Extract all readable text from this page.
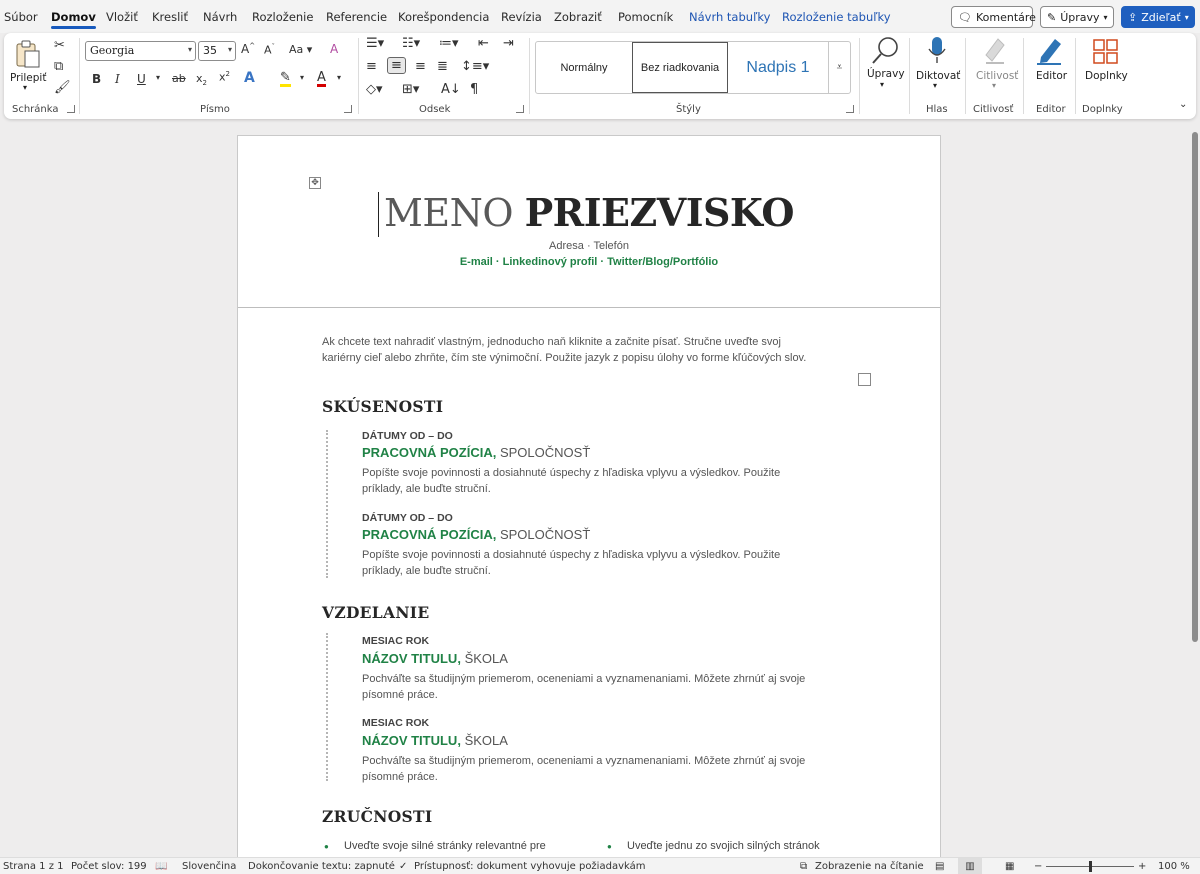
Súbor Domov Vložiť Kresliť Návrh Rozloženie Referencie Korešpondencia Revízia Zobraziť Pomocník Návrh tabuľky Rozloženie tabuľky	🗨 Komentáre ✎ Úpravy ▾ ⇪ Zdieľať ▾
Prilepiť
▾
✂
⧉
🖌
Schránka
Georgia	▾	35 ▾ A^ $A^ˇ$ Aa ▾ A
B I U ▾ ab $x_2$ $x^2$ A ✎ ▾ A ▾
Písmo
☰▾ ☷▾ ≔▾ ⇤ ⇥
≡	≡	≡ ≣ ↕≡▾
◇▾ ⊞▾ A↓ ¶
Odsek
Normálny	Bez riadkovania	Nadpis 1	⩡
Štýly
Úpravy
▾
Diktovať
▾
Hlas
Citlivosť
▾
Citlivosť
Editor
Editor
Doplnky
Doplnky	⌄
✥
MENO PRIEZVISKO
Adresa · Telefón
E-mail · Linkedinový profil · Twitter/Blog/Portfólio
Ak chcete text nahradiť vlastným, jednoducho naň kliknite a začnite písať. Stručne uveďte svoj
kariérny cieľ alebo zhrňte, čím ste výnimoční. Použite jazyk z popisu úlohy vo forme kľúčových slov.
SKÚSENOSTI
DÁTUMY OD – DO
PRACOVNÁ POZÍCIA, SPOLOČNOSŤ
Popíšte svoje povinnosti a dosiahnuté úspechy z hľadiska vplyvu a výsledkov. Použite
príklady, ale buďte struční.
DÁTUMY OD – DO
PRACOVNÁ POZÍCIA, SPOLOČNOSŤ
Popíšte svoje povinnosti a dosiahnuté úspechy z hľadiska vplyvu a výsledkov. Použite
príklady, ale buďte struční.
VZDELANIE
MESIAC ROK
NÁZOV TITULU, ŠKOLA
Pochváľte sa študijným priemerom, oceneniami a vyznamenaniami. Môžete zhrnúť aj svoje
písomné práce.
MESIAC ROK
NÁZOV TITULU, ŠKOLA
Pochváľte sa študijným priemerom, oceneniami a vyznamenaniami. Môžete zhrnúť aj svoje
písomné práce.
ZRUČNOSTI
● Uveďte svoje silné stránky relevantné pre
●	Uveďte jednu zo svojich silných stránok
Strana 1 z 1 Počet slov: 199 📖 Slovenčina Dokončovanie textu: zapnuté ✓ Prístupnosť: dokument vyhovuje požiadavkám	⧉ Zobrazenie na čítanie ▤	▥	▦ −	+ 100 %
